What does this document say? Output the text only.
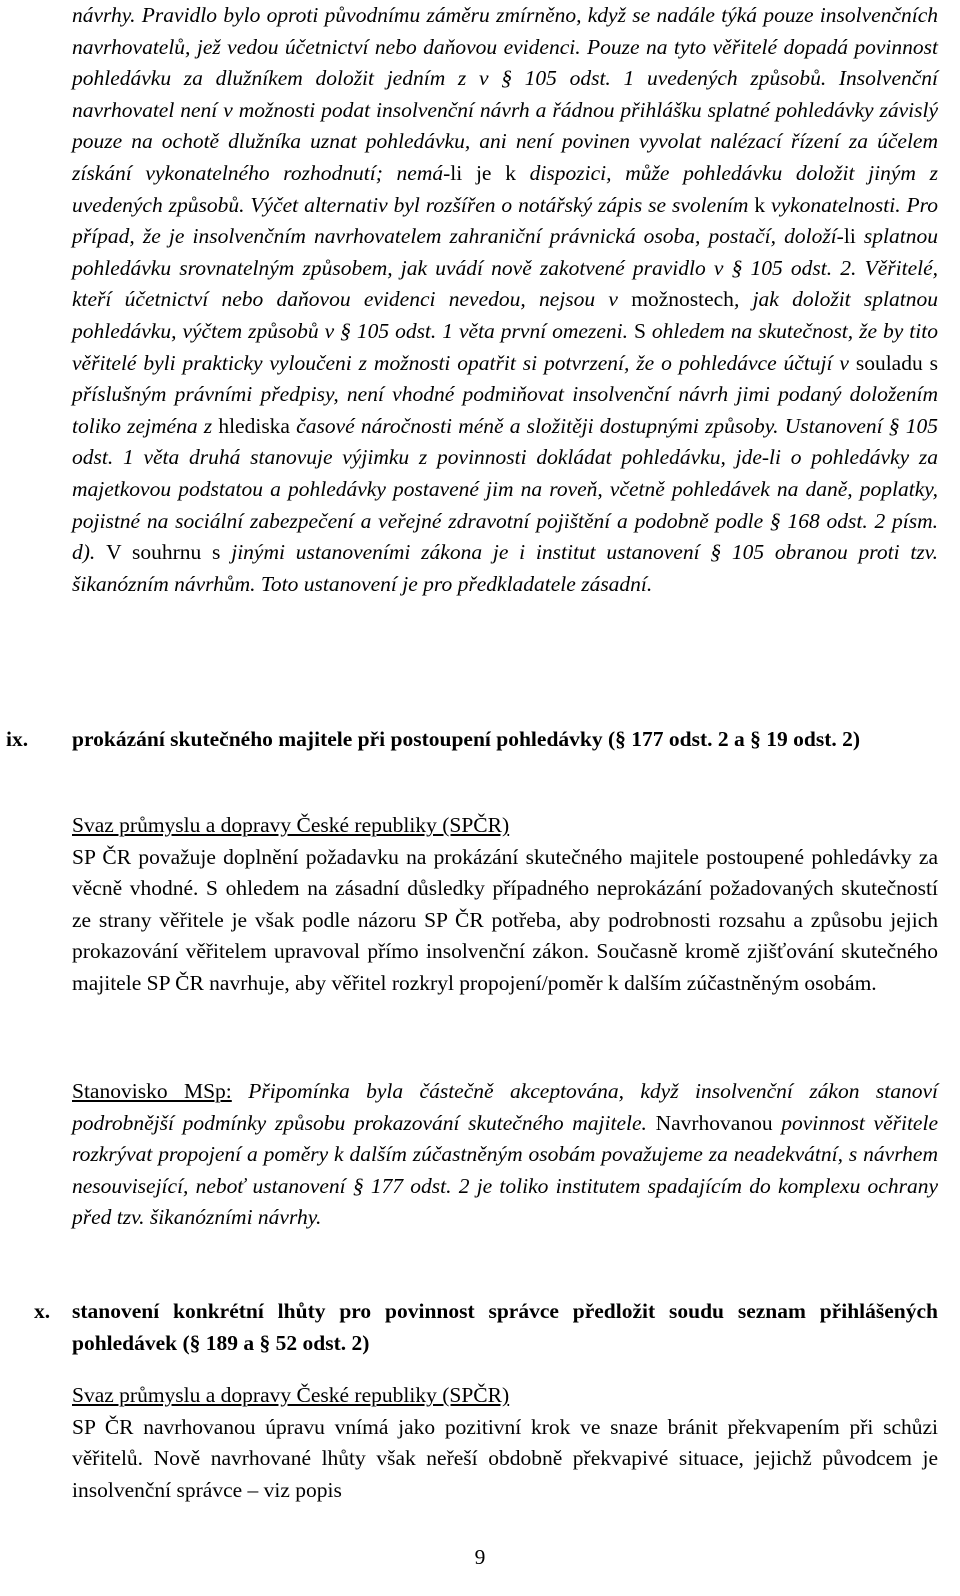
návrhy. Pravidlo bylo oproti původnímu záměru zmírněno, když se nadále týká pouze insolvenčních navrhovatelů, jež vedou účetnictví nebo daňovou evidenci. Pouze na tyto věřitelé dopadá povinnost pohledávku za dlužníkem doložit jedním z v § 105 odst. 1 uvedených způsobů. Insolvenční navrhovatel není v možnosti podat insolvenční návrh a řádnou přihlášku splatné pohledávky závislý pouze na ochotě dlužníka uznat pohledávku, ani není povinen vyvolat nalézací řízení za účelem získání vykonatelného rozhodnutí; nemá-li je k dispozici, může pohledávku doložit jiným z uvedených způsobů. Výčet alternativ byl rozšířen o notářský zápis se svolením k vykonatelnosti. Pro případ, že je insolvenčním navrhovatelem zahraniční právnická osoba, postačí, doloží-li splatnou pohledávku srovnatelným způsobem, jak uvádí nově zakotvené pravidlo v § 105 odst. 2. Věřitelé, kteří účetnictví nebo daňovou evidenci nevedou, nejsou v možnostech, jak doložit splatnou pohledávku, výčtem způsobů v § 105 odst. 1 věta první omezeni. S ohledem na skutečnost, že by tito věřitelé byli prakticky vyloučeni z možnosti opatřit si potvrzení, že o pohledávce účtují v souladu s příslušným právními předpisy, není vhodné podmiňovat insolvenční návrh jimi podaný doložením toliko zejména z hlediska časové náročnosti méně a složitěji dostupnými způsoby. Ustanovení § 105 odst. 1 věta druhá stanovuje výjimku z povinnosti dokládat pohledávku, jde-li o pohledávky za majetkovou podstatou a pohledávky postavené jim na roveň, včetně pohledávek na daně, poplatky, pojistné na sociální zabezpečení a veřejné zdravotní pojištění a podobně podle § 168 odst. 2 písm. d). V souhrnu s jinými ustanoveními zákona je i institut ustanovení § 105 obranou proti tzv. šikanózním návrhům. Toto ustanovení je pro předkladatele zásadní.
ix. prokázání skutečného majitele při postoupení pohledávky (§ 177 odst. 2 a § 19 odst. 2)
Svaz průmyslu a dopravy České republiky (SPČR)
SP ČR považuje doplnění požadavku na prokázání skutečného majitele postoupené pohledávky za věcně vhodné. S ohledem na zásadní důsledky případného neprokázání požadovaných skutečností ze strany věřitele je však podle názoru SP ČR potřeba, aby podrobnosti rozsahu a způsobu jejich prokazování věřitelem upravoval přímo insolvenční zákon. Současně kromě zjišťování skutečného majitele SP ČR navrhuje, aby věřitel rozkryl propojení/poměr k dalším zúčastněným osobám.
Stanovisko MSp: Připomínka byla částečně akceptována, když insolvenční zákon stanoví podrobnější podmínky způsobu prokazování skutečného majitele. Navrhovanou povinnost věřitele rozkrývat propojení a poměry k dalším zúčastněným osobám považujeme za neadekvátní, s návrhem nesouvisející, neboť ustanovení § 177 odst. 2 je toliko institutem spadajícím do komplexu ochrany před tzv. šikanózními návrhy.
x. stanovení konkrétní lhůty pro povinnost správce předložit soudu seznam přihlášených pohledávek (§ 189 a § 52 odst. 2)
Svaz průmyslu a dopravy České republiky (SPČR)
SP ČR navrhovanou úpravu vnímá jako pozitivní krok ve snaze bránit překvapením při schůzi věřitelů. Nově navrhované lhůty však neřeší obdobně překvapivé situace, jejichž původcem je insolvenční správce – viz popis
9
